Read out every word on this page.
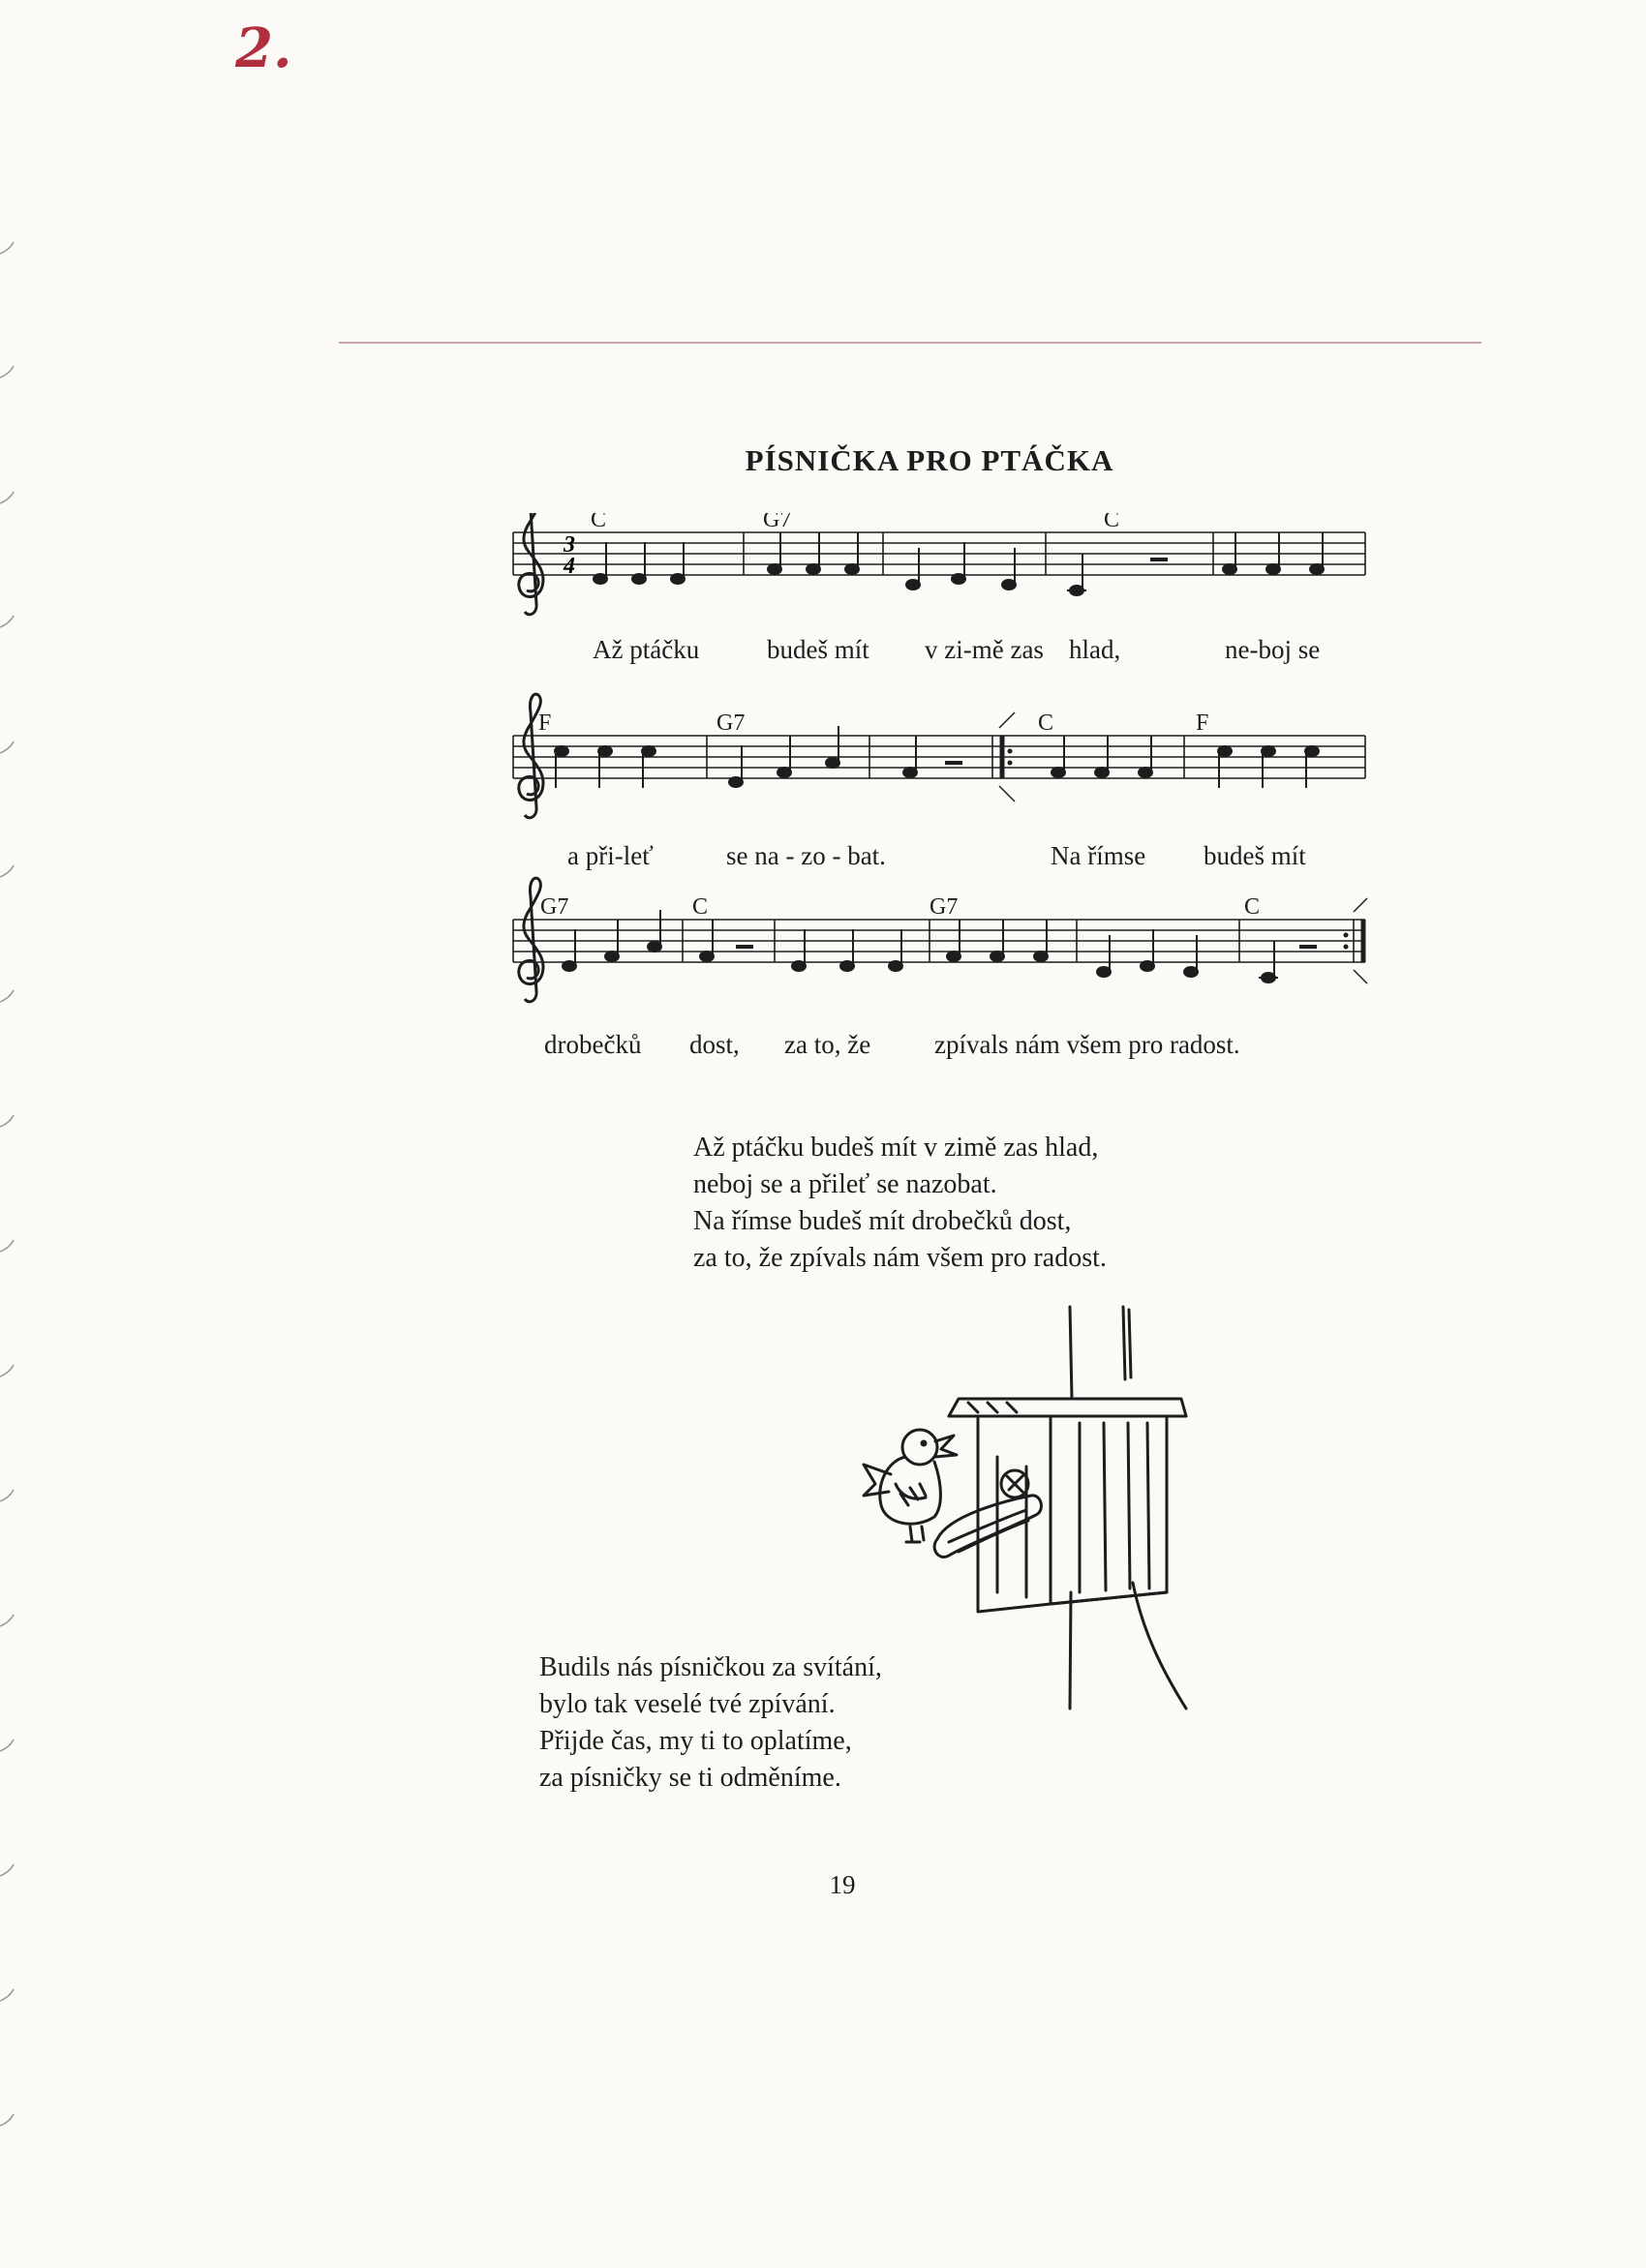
2.
PÍSNIČKA PRO PTÁČKA
3
4
C	G7	C
F	G7	C	F
G7	C	G7	C
Až ptáčku	budeš mít v zi-mě zas hlad,	ne-boj se
a při-leť	se na - zo - bat.	Na římse budeš mít
drobečků dost, za to, že zpívals nám všem pro radost.
Až ptáčku budeš mít v zimě zas hlad,
neboj se a přileť se nazobat.
Na římse budeš mít drobečků dost,
za to, že zpívals nám všem pro radost.
Budils nás písničkou za svítání,
bylo tak veselé tvé zpívání.
Přijde čas, my ti to oplatíme,
za písničky se ti odměníme.
19
